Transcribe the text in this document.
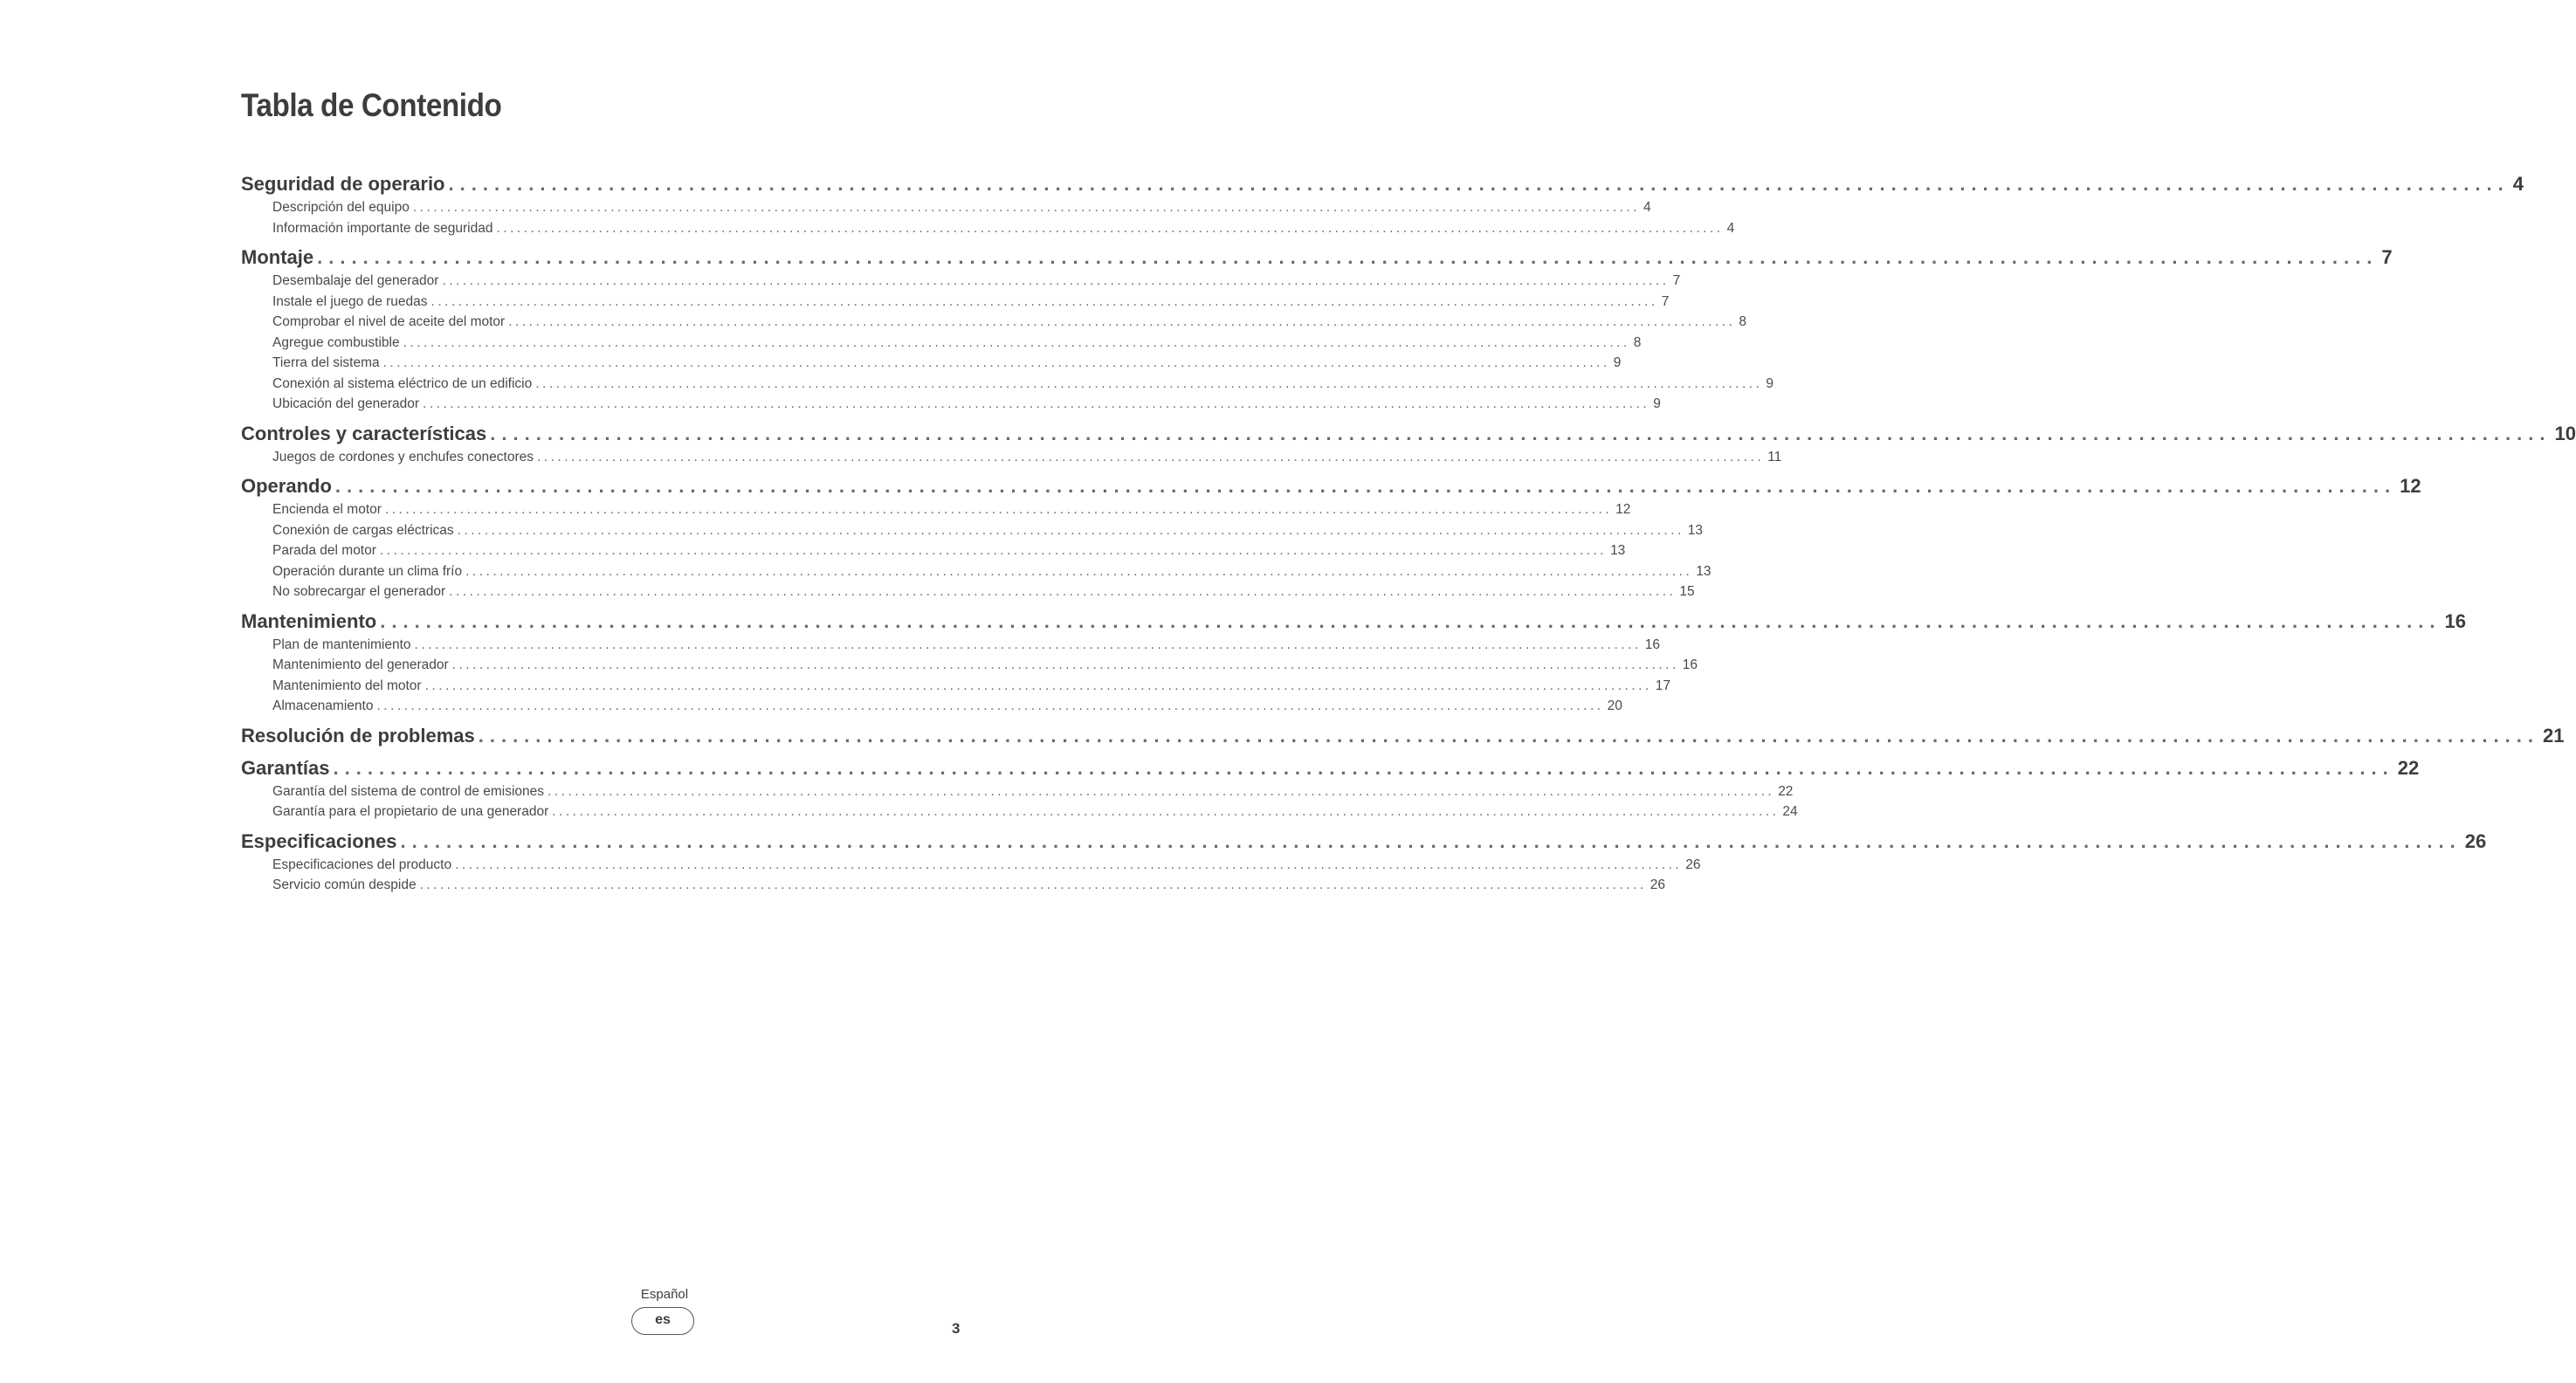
Tabla de Contenido
Seguridad de operario .................................................................................................................................................................................... 4
Descripción del equipo .................................................................................................................................................................................... 4
Información importante de seguridad .................................................................................................................................................................................... 4
Montaje .................................................................................................................................................................................... 7
Desembalaje del generador .................................................................................................................................................................................... 7
Instale el juego de ruedas .................................................................................................................................................................................... 7
Comprobar el nivel de aceite del motor .................................................................................................................................................................................... 8
Agregue combustible .................................................................................................................................................................................... 8
Tierra del sistema .................................................................................................................................................................................... 9
Conexión al sistema eléctrico de un edificio .................................................................................................................................................................................... 9
Ubicación del generador .................................................................................................................................................................................... 9
Controles y características .................................................................................................................................................................................... 10
Juegos de cordones y enchufes conectores .................................................................................................................................................................................... 11
Operando .................................................................................................................................................................................... 12
Encienda el motor .................................................................................................................................................................................... 12
Conexión de cargas eléctricas .................................................................................................................................................................................... 13
Parada del motor .................................................................................................................................................................................... 13
Operación durante un clima frío .................................................................................................................................................................................... 13
No sobrecargar el generador .................................................................................................................................................................................... 15
Mantenimiento .................................................................................................................................................................................... 16
Plan de mantenimiento .................................................................................................................................................................................... 16
Mantenimiento del generador .................................................................................................................................................................................... 16
Mantenimiento del motor .................................................................................................................................................................................... 17
Almacenamiento .................................................................................................................................................................................... 20
Resolución de problemas .................................................................................................................................................................................... 21
Garantías .................................................................................................................................................................................... 22
Garantía del sistema de control de emisiones .................................................................................................................................................................................... 22
Garantía para el propietario de una generador .................................................................................................................................................................................... 24
Especificaciones .................................................................................................................................................................................... 26
Especificaciones del producto .................................................................................................................................................................................... 26
Servicio común despide .................................................................................................................................................................................... 26
Español
es
3
